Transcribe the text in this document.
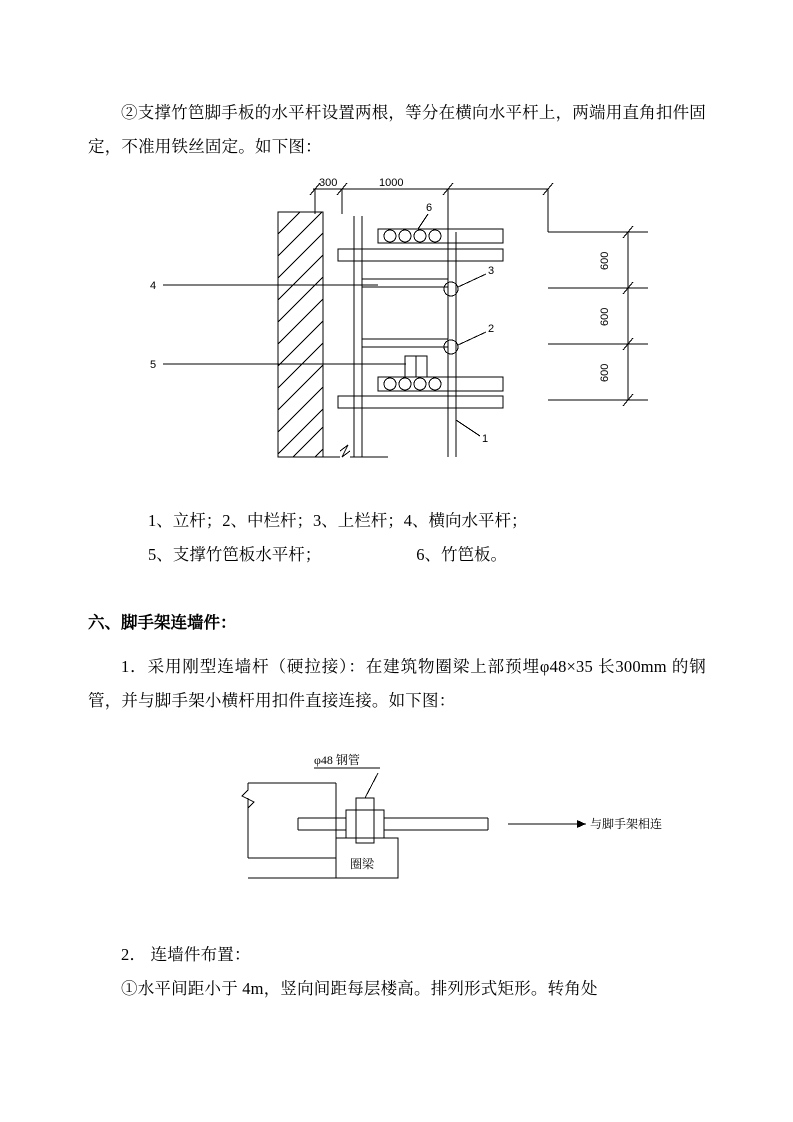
②支撑竹笆脚手板的水平杆设置两根，等分在横向水平杆上，两端用直角扣件固定，不准用铁丝固定。如下图：

300	1000
600
600
600
6
3
2
4
5
1

1、立杆；2、中栏杆；3、上栏杆；4、横向水平杆；

5、支撑竹笆板水平杆；	6、竹笆板。

六、脚手架连墙件：

1．采用刚型连墙杆（硬拉接）：在建筑物圈梁上部预埋φ48×35 长300mm 的钢管，并与脚手架小横杆用扣件直接连接。如下图：

φ48 钢管
圈梁
与脚手架相连

2． 连墙件布置：

①水平间距小于 4m，竖向间距每层楼高。排列形式矩形。转角处
